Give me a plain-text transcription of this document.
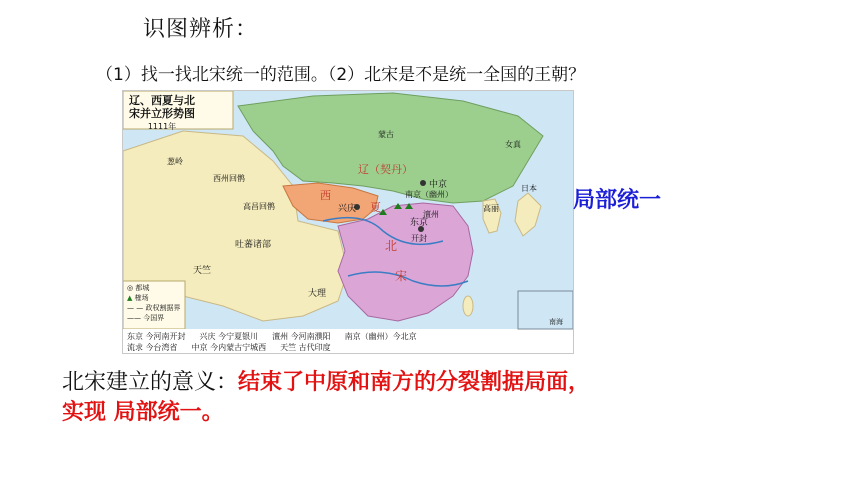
识图辨析：
（1）找一找北宋统一的范围。（2）北宋是不是统一全国的王朝？
辽、西夏与北
宋并立形势图
1111年
辽（契丹）
西
夏
北
宋
兴庆
中京
南京（幽州）
东京
开封
澶州
葱岭
西州回鹘
高昌回鹘
吐蕃诸部
大理
天竺
高丽
日本
女真
蒙古
◎ 都城
▲ 榷场
— — 政权割据界
—— 今国界	南海
东京 今河南开封 兴庆 今宁夏银川 澶州 今河南濮阳 南京（幽州）今北京
流求 今台湾省 中京 今内蒙古宁城西 天竺 古代印度
局部统一
北宋建立的意义：结束了中原和南方的分裂割据局面，
实现 局部统一。
